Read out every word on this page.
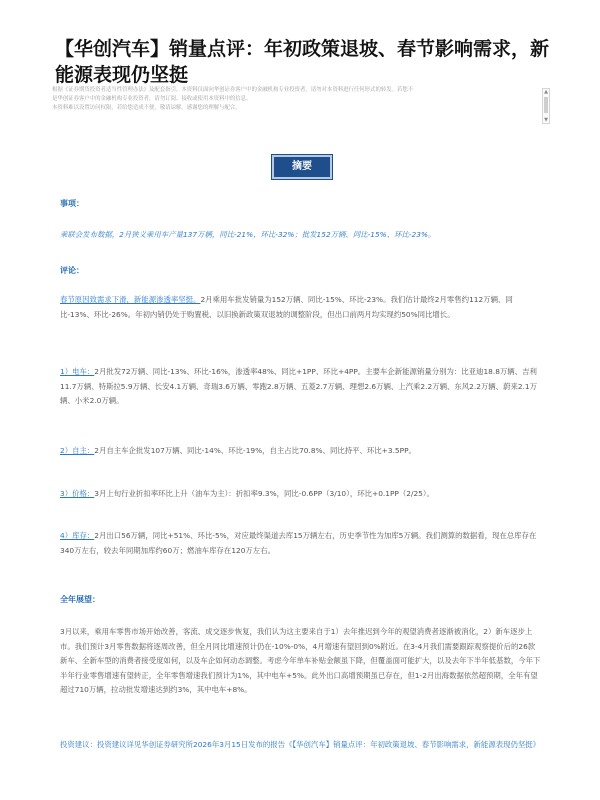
【华创汽车】销量点评：年初政策退坡、春节影响需求，新能源表现仍坚挺

根据《证券期货投资者适当性管理办法》及配套指引，本资料仅面向华创证券客户中的金融机构专业投资者，请勿对本资料进行任何形式的转发。若您不

是华创证券客户中的金融机构专业投资者，请勿订阅、接收或使用本资料中的信息。

本资料难以设置访问权限，若给您造成不便，敬请谅解。感谢您的理解与配合。

▲
▼
摘要

事项：

乘联会发布数据，2月狭义乘用车产量137万辆，同比-21%，环比-32%；批发152万辆、同比-15%、环比-23%。

评论：

春节原因致需求下滑，新能源渗透率坚挺。2月乘用车批发销量为152万辆、同比-15%、环比-23%。我们估计最终2月零售约112万辆、同比-13%、环比-26%。年初内销仍处于购置税、以旧换新政策双退坡的调整阶段，但出口前两月均实现约50%同比增长。

1）电车：2月批发72万辆、同比-13%、环比-16%，渗透率48%、同比+1PP、环比+4PP。主要车企新能源销量分别为：比亚迪18.8万辆、吉利11.7万辆、特斯拉5.9万辆、长安4.1万辆、奇瑞3.6万辆、零跑2.8万辆、五菱2.7万辆、理想2.6万辆、上汽乘2.2万辆、东风2.2万辆、蔚来2.1万辆、小米2.0万辆。

2）自主：2月自主车企批发107万辆、同比-14%、环比-19%，自主占比70.8%、同比持平、环比+3.5PP。

3）价格：3月上旬行业折扣率环比上升（油车为主）：折扣率9.3%，同比-0.6PP（3/10），环比+0.1PP（2/25）。

4）库存：2月出口56万辆，同比+51%、环比-5%，对应最终渠道去库15万辆左右，历史季节性为加库5万辆。我们测算的数据看，现在总库存在340万左右，较去年同期加库约60万；燃油车库存在120万左右。

全年展望：

3月以来，乘用车零售市场开始改善，客流、成交逐步恢复，我们认为这主要来自于1）去年推迟到今年的观望消费者逐渐被消化，2）新车逐步上市。我们预计3月零售数据将逐周改善，但全月同比增速预计仍在-10%-0%，4月增速有望回到0%附近。在3-4月我们需要跟踪观察提价后的26款新车、全新车型的消费者接受度如何，以及车企如何动态调整。考虑今年单车补贴金额虽下降，但覆盖面可能扩大，以及去年下半年低基数，今年下半年行业零售增速有望转正，全年零售增速我们预计为1%，其中电车+5%。此外出口高增预期虽已存在，但1-2月出海数据依然超预期，全年有望超过710万辆，拉动批发增速达到约3%，其中电车+8%。

投资建议：投资建议详见华创证券研究所2026年3月15日发布的报告《【华创汽车】销量点评：年初政策退坡、春节影响需求，新能源表现仍坚挺》
